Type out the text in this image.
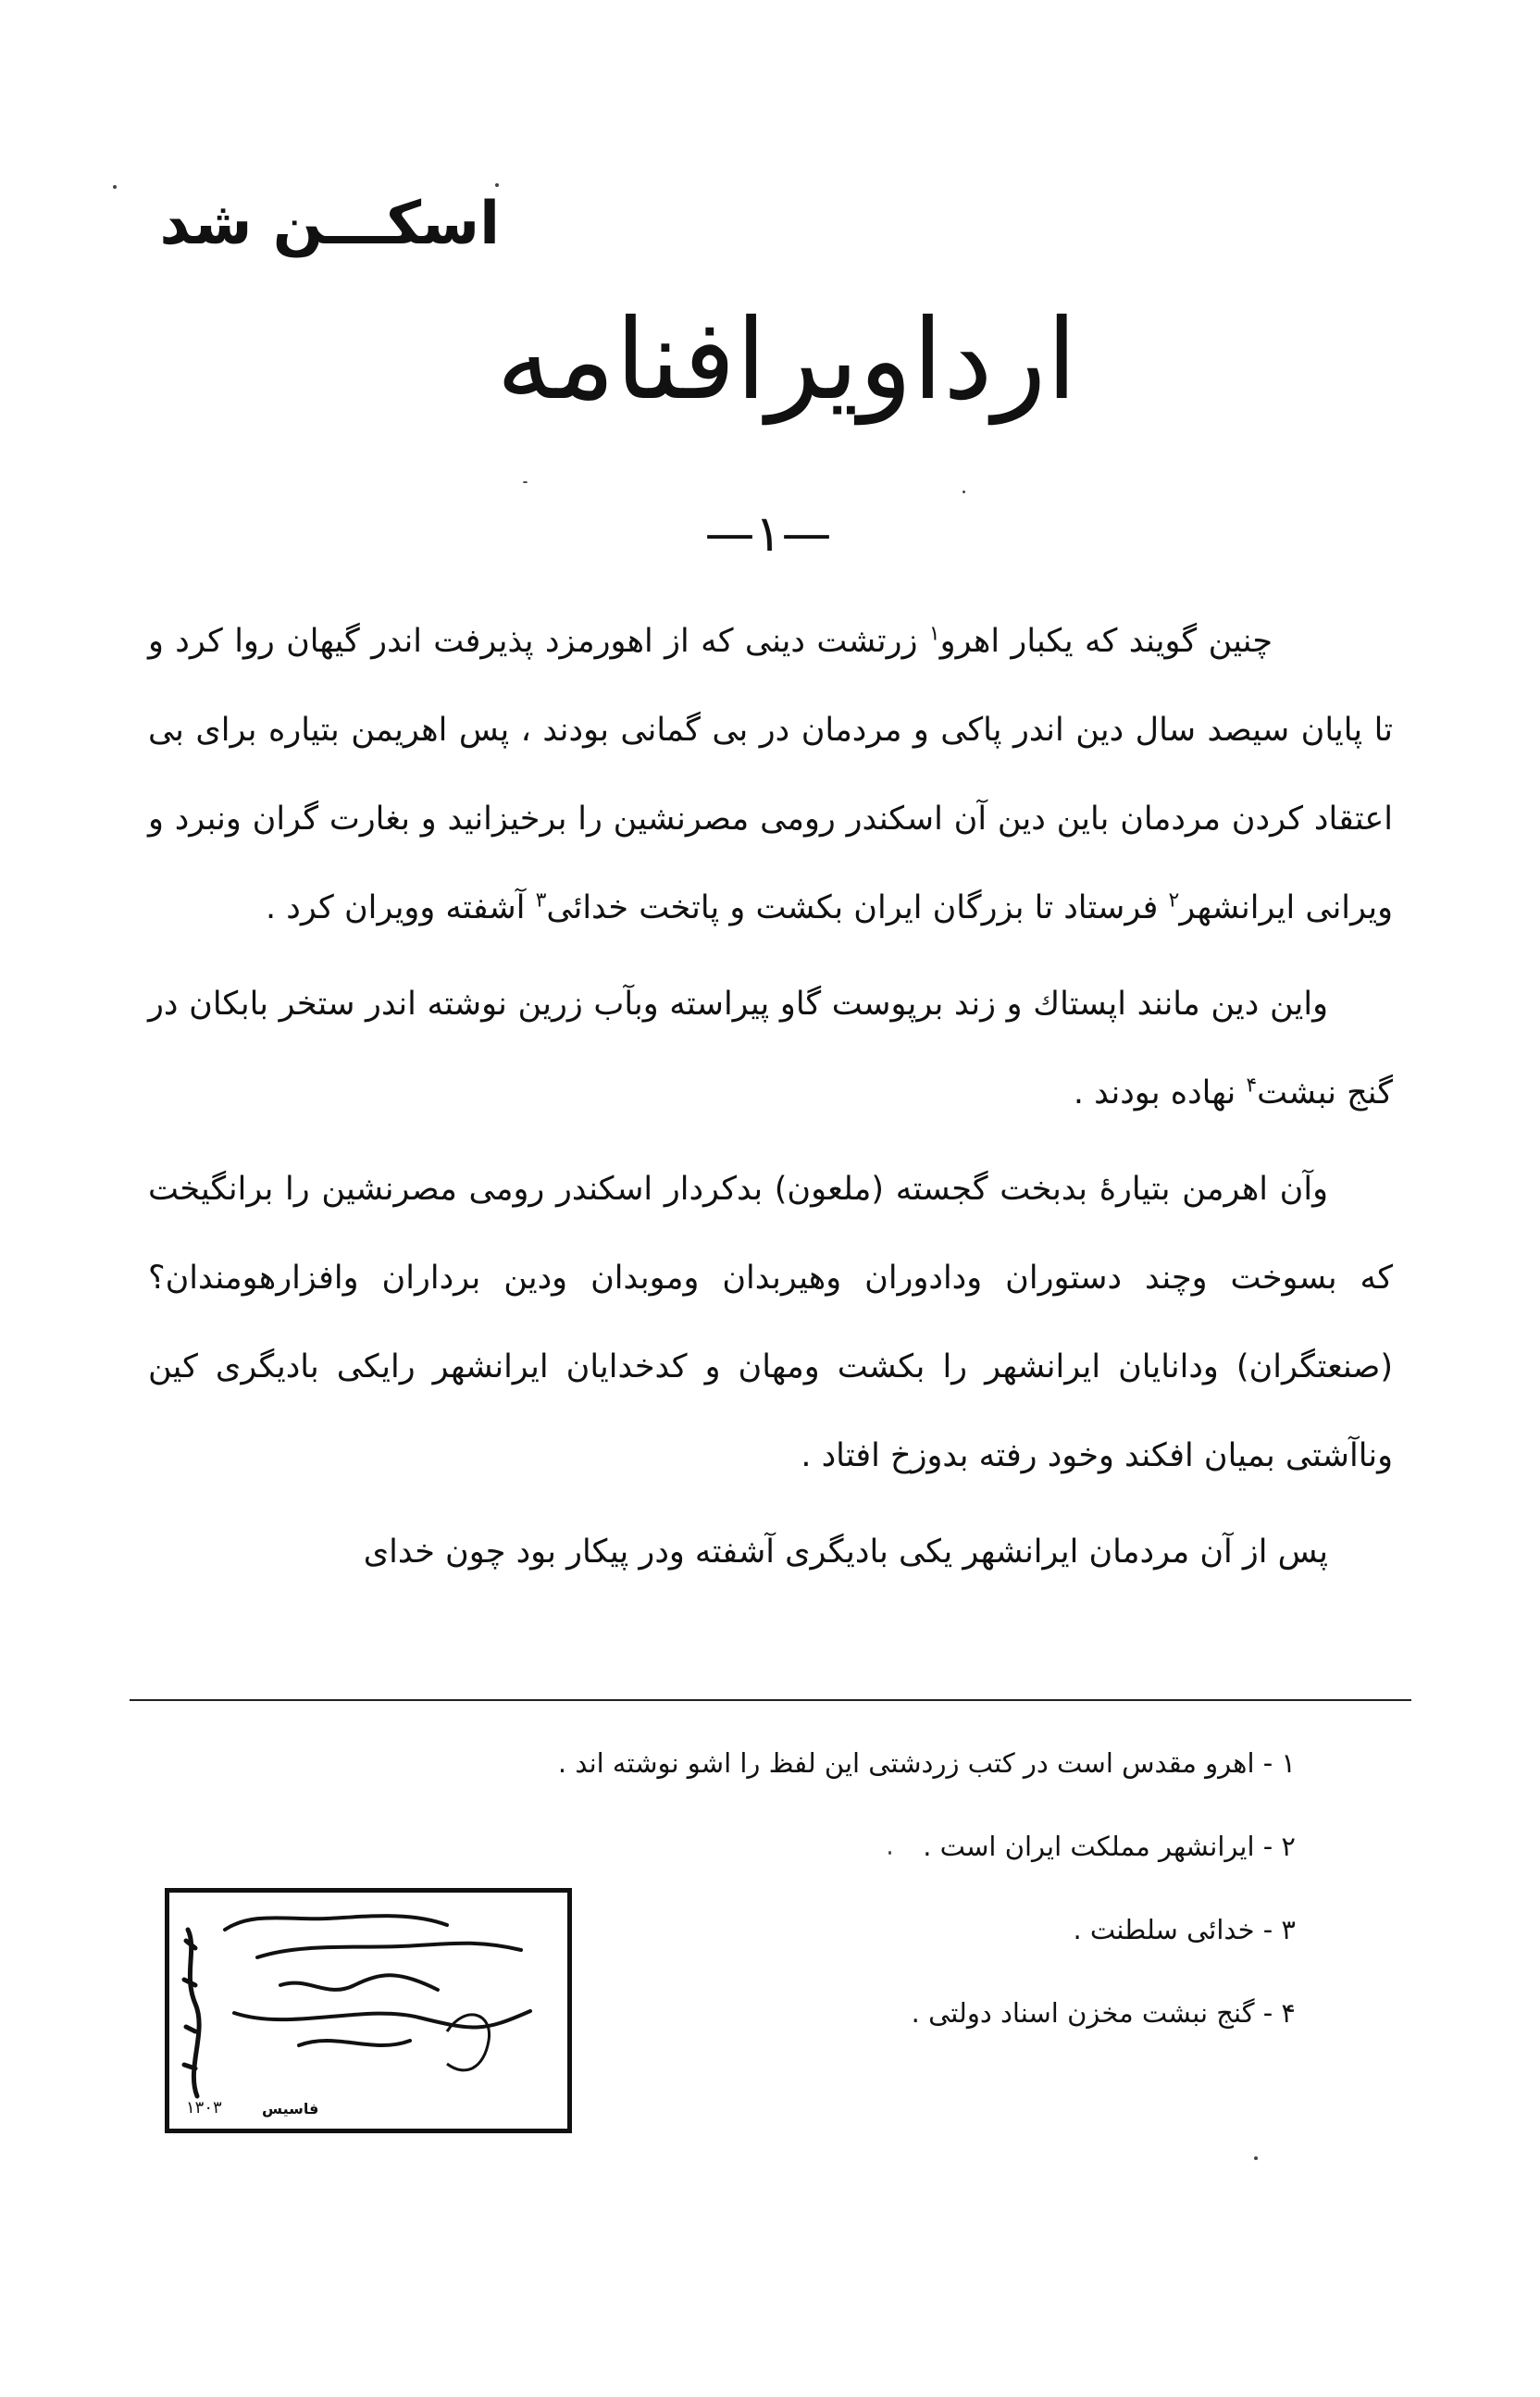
اسکـــن شد
ارداویرافنامه
—۱—

چنین گویند که یکبار اهرو$^۱$ زرتشت دینی که از اهورمزد پذیرفت اندر گیهان روا کرد و تا پایان سیصد سال دین اندر پاکی و مردمان در بی گمانی بودند ، پس اهریمن بتیاره برای بی اعتقاد کردن مردمان باین دین آن اسکندر رومی مصرنشین را برخیزانید و بغارت گران ونبرد و ویرانی ایرانشهر$^۲$ فرستاد تا بزرگان ایران بکشت و پاتخت خدائی$^۳$ آشفته وویران کرد .

واین دین مانند اپستاك و زند برپوست گاو پیراسته وبآب زرین نوشته اندر ستخر بابکان در گنج نبشت$^۴$ نهاده بودند .

وآن اهرمن بتیارهٔ بدبخت گجسته (ملعون) بدکردار اسکندر رومی مصرنشین را برانگیخت که بسوخت وچند دستوران ودادوران وهیربدان وموبدان ودین برداران وافزارهومندان؟ (صنعتگران) ودانایان ایرانشهر را بکشت ومهان و کدخدایان ایرانشهر رایکی بادیگری کین وناآشتی بمیان افکند وخود رفته بدوزخ افتاد .

پس از آن مردمان ایرانشهر یکی بادیگری آشفته ودر پیکار بود چون خدای

۱ - اهرو مقدس است در کتب زردشتی این لفظ را اشو نوشته اند .
۲ - ایرانشهر مملکت ایران است .
۳ - خدائی سلطنت .
۴ - گنج نبشت مخزن اسناد دولتی .
۱۳۰۳	فاسیس
